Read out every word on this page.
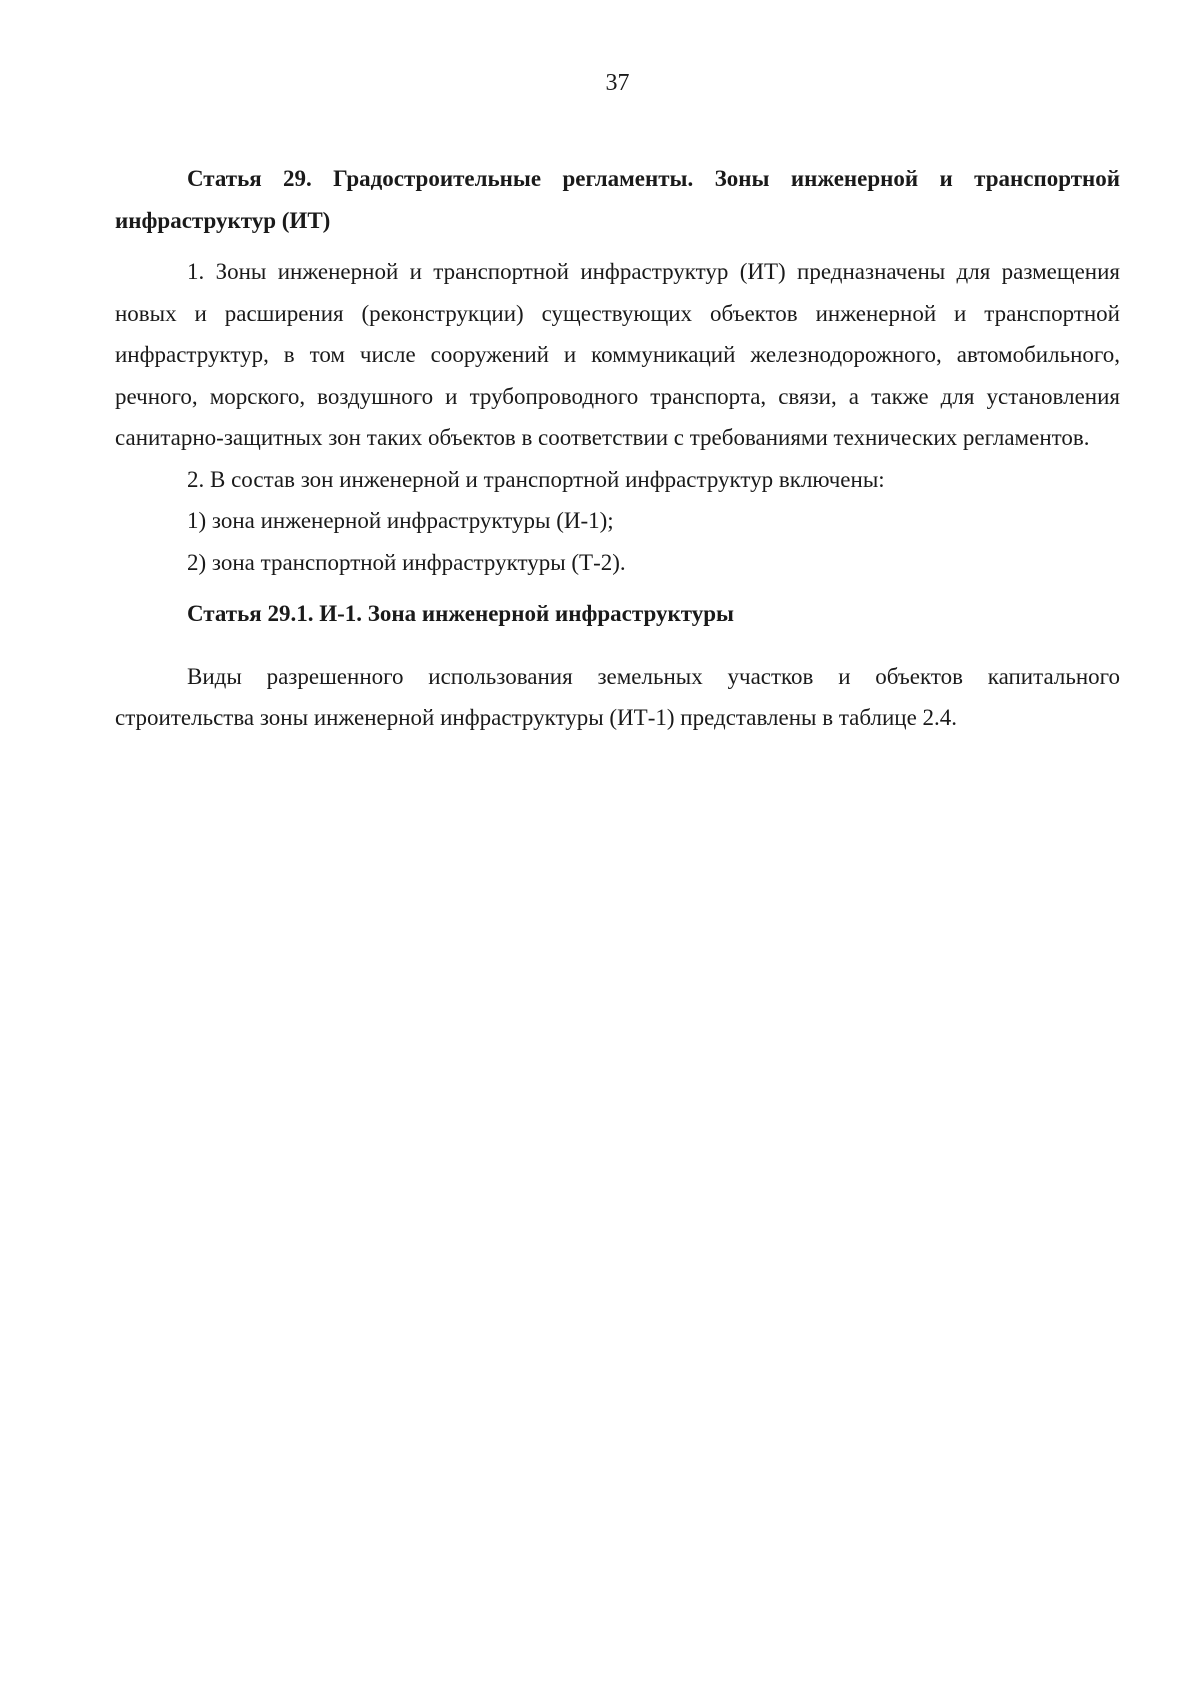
37

Статья 29. Градостроительные регламенты. Зоны инженерной и транспортной инфраструктур (ИТ)

1. Зоны инженерной и транспортной инфраструктур (ИТ) предназначены для размещения новых и расширения (реконструкции) существующих объектов инженерной и транспортной инфраструктур, в том числе сооружений и коммуникаций железнодорожного, автомобильного, речного, морского, воздушного и трубопроводного транспорта, связи, а также для установления санитарно-защитных зон таких объектов в соответствии с требованиями технических регламентов.

2. В состав зон инженерной и транспортной инфраструктур включены:

1) зона инженерной инфраструктуры (И-1);

2) зона транспортной инфраструктуры (Т-2).

Статья 29.1. И-1. Зона инженерной инфраструктуры

Виды разрешенного использования земельных участков и объектов капитального строительства зоны инженерной инфраструктуры (ИТ-1) представлены в таблице 2.4.
